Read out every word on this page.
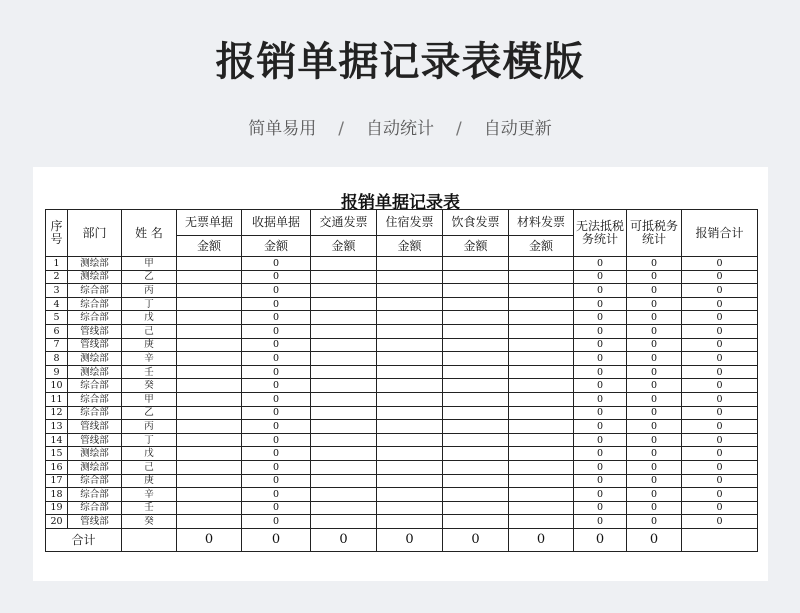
报销单据记录表模版
简单易用 / 自动统计 / 自动更新
报销单据记录表
序号	部门	姓 名	无票单据	收据单据	交通发票	住宿发票	饮食发票	材料发票	无法抵税务统计	可抵税务统计	报销合计
			金额	金额	金额	金额	金额	金额			
1	测绘部	甲		0					0	0	0
2	测绘部	乙		0					0	0	0
3	综合部	丙		0					0	0	0
4	综合部	丁		0					0	0	0
5	综合部	戊		0					0	0	0
6	管线部	己		0					0	0	0
7	管线部	庚		0					0	0	0
8	测绘部	辛		0					0	0	0
9	测绘部	壬		0					0	0	0
10	综合部	癸		0					0	0	0
11	综合部	甲		0					0	0	0
12	综合部	乙		0					0	0	0
13	管线部	丙		0					0	0	0
14	管线部	丁		0					0	0	0
15	测绘部	戊		0					0	0	0
16	测绘部	己		0					0	0	0
17	综合部	庚		0					0	0	0
18	综合部	辛		0					0	0	0
19	综合部	壬		0					0	0	0
20	管线部	癸		0					0	0	0
合计			0	0	0	0	0	0	0	0	
